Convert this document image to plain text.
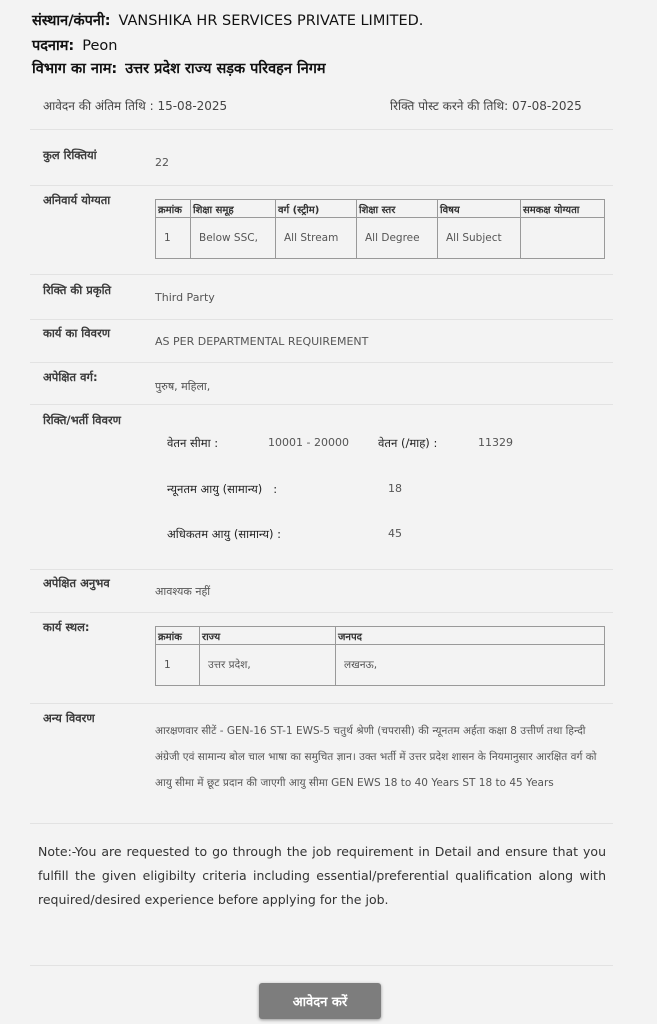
संस्थान/कंपनी: VANSHIKA HR SERVICES PRIVATE LIMITED.
पदनाम: Peon
विभाग का नाम: उत्तर प्रदेश राज्य सड़क परिवहन निगम
आवेदन की अंतिम तिथि : 15-08-2025	रिक्ति पोस्ट करने की तिथि: 07-08-2025
कुल रिक्तियां
22
अनिवार्य योग्यता
क्रमांक	शिक्षा समूह	वर्ग (स्ट्रीम)	शिक्षा स्तर	विषय	समकक्ष योग्यता
1	Below SSC,	All Stream	All Degree	All Subject	
रिक्ति की प्रकृति
Third Party
कार्य का विवरण
AS PER DEPARTMENTAL REQUIREMENT
अपेक्षित वर्ग:
पुरुष, महिला,
रिक्ति/भर्ती विवरण
वेतन सीमा :	10001 - 20000	वेतन (/माह) :	11329
न्यूनतम आयु (सामान्य)   :	18
अधिकतम आयु (सामान्य) :	45
अपेक्षित अनुभव
आवश्यक नहीं
कार्य स्थल:
क्रमांक	राज्य	जनपद
1	उत्तर प्रदेश,	लखनऊ,
अन्य विवरण
आरक्षणवार सीटें - GEN-16 ST-1 EWS-5 चतुर्थ श्रेणी (चपरासी) की न्यूनतम अर्हता कक्षा 8 उत्तीर्ण तथा हिन्दी अंग्रेजी एवं सामान्य बोल चाल भाषा का समुचित ज्ञान। उक्त भर्ती में उत्तर प्रदेश शासन के नियमानुसार आरक्षित वर्ग को आयु सीमा में छूट प्रदान की जाएगी आयु सीमा GEN EWS 18 to 40 Years ST 18 to 45 Years
Note:-You are requested to go through the job requirement in Detail and ensure that you fulfill the given eligibilty criteria including essential/preferential qualification along with required/desired experience before applying for the job.
आवेदन करें
